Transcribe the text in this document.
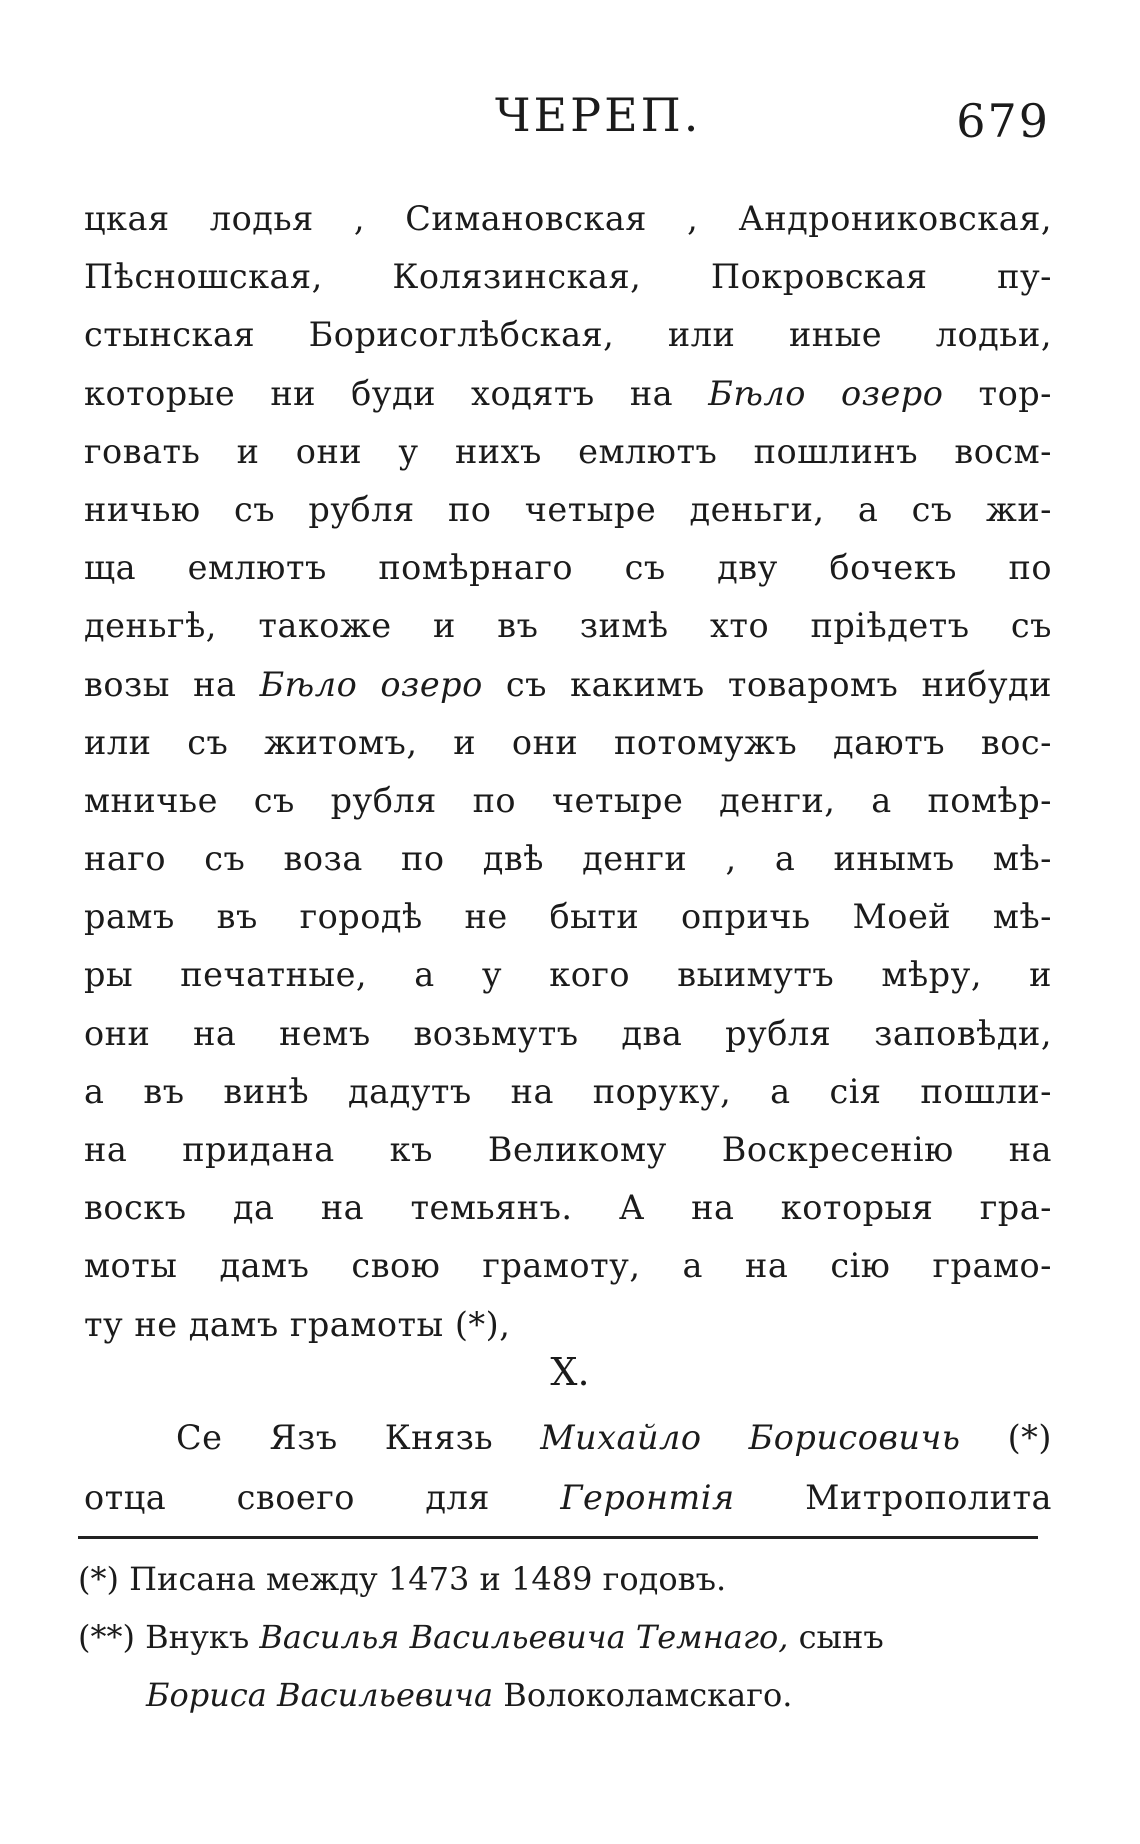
ЧЕРЕП.	679
цкая лодья , Симановская , Андрониковская,
Пѣсношская, Колязинская, Покровская пу-
стынская Борисоглѣбская, или иные лодьи,
которые ни буди ходятъ на Бѣло озеро тор-
говать и они у нихъ емлютъ пошлинъ восм-
ничью съ рубля по четыре деньги, а съ жи-
ща емлютъ помѣрнаго съ дву бочекъ по
деньгѣ, такоже и въ зимѣ хто пріѣдетъ съ
возы на Бѣло озеро съ какимъ товаромъ нибуди
или съ житомъ, и они потомужъ даютъ вос-
мничье съ рубля по четыре денги, а помѣр-
наго съ воза по двѣ денги , а инымъ мѣ-
рамъ въ городѣ не быти опричь Моей мѣ-
ры печатные, а у кого выимутъ мѣру, и
они на немъ возьмутъ два рубля заповѣди,
а въ винѣ дадутъ на поруку, а сія пошли-
на придана къ Великому Воскресенію на
воскъ да на темьянъ. А на которыя гра-
моты дамъ свою грамоту, а на сію грамо-
ту не дамъ грамоты (*),
X.
Се Язъ Князь Михайло Борисовичь (*)
отца своего для Геронтія Митрополита
(*) Писана между 1473 и 1489 годовъ.
(**) Внукъ Василья Васильевича Темнаго, сынъ
Бориса Васильевича Волоколамскаго.
